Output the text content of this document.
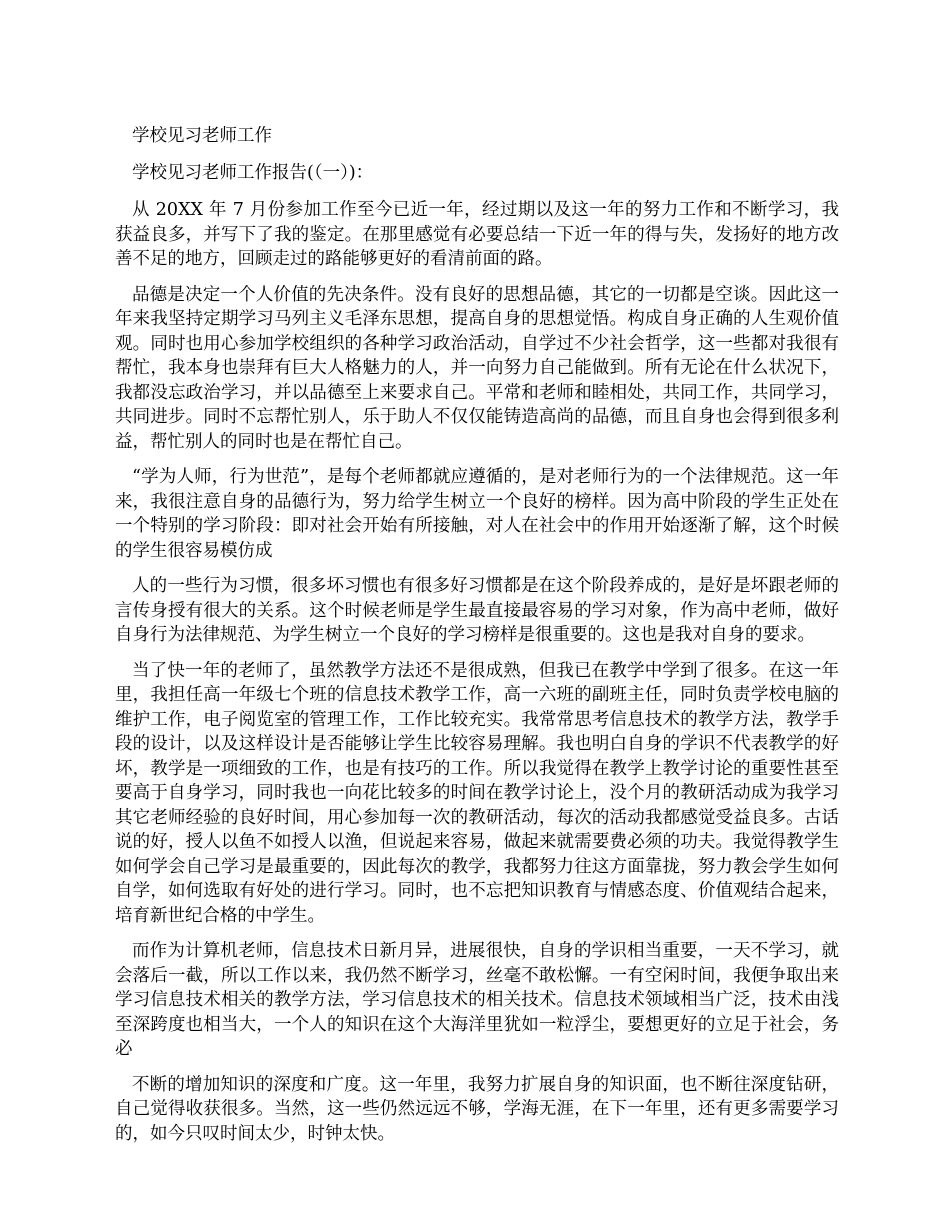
学校见习老师工作
学校见习老师工作报告(（一）)：

从 20XX 年 7 月份参加工作至今已近一年，经过期以及这一年的努力工作和不断学习，我获益良多，并写下了我的鉴定。在那里感觉有必要总结一下近一年的得与失，发扬好的地方改善不足的地方，回顾走过的路能够更好的看清前面的路。

品德是决定一个人价值的先决条件。没有良好的思想品德，其它的一切都是空谈。因此这一年来我坚持定期学习马列主义毛泽东思想，提高自身的思想觉悟。构成自身正确的人生观价值观。同时也用心参加学校组织的各种学习政治活动，自学过不少社会哲学，这一些都对我很有帮忙，我本身也崇拜有巨大人格魅力的人，并一向努力自己能做到。所有无论在什么状况下，我都没忘政治学习，并以品德至上来要求自己。平常和老师和睦相处，共同工作，共同学习，共同进步。同时不忘帮忙别人，乐于助人不仅仅能铸造高尚的品德，而且自身也会得到很多利益，帮忙别人的同时也是在帮忙自己。

“学为人师，行为世范”，是每个老师都就应遵循的，是对老师行为的一个法律规范。这一年来，我很注意自身的品德行为，努力给学生树立一个良好的榜样。因为高中阶段的学生正处在一个特别的学习阶段：即对社会开始有所接触，对人在社会中的作用开始逐渐了解，这个时候的学生很容易模仿成

人的一些行为习惯，很多坏习惯也有很多好习惯都是在这个阶段养成的，是好是坏跟老师的言传身授有很大的关系。这个时候老师是学生最直接最容易的学习对象，作为高中老师，做好自身行为法律规范、为学生树立一个良好的学习榜样是很重要的。这也是我对自身的要求。

当了快一年的老师了，虽然教学方法还不是很成熟，但我已在教学中学到了很多。在这一年里，我担任高一年级七个班的信息技术教学工作，高一六班的副班主任，同时负责学校电脑的维护工作，电子阅览室的管理工作，工作比较充实。我常常思考信息技术的教学方法，教学手段的设计，以及这样设计是否能够让学生比较容易理解。我也明白自身的学识不代表教学的好坏，教学是一项细致的工作，也是有技巧的工作。所以我觉得在教学上教学讨论的重要性甚至要高于自身学习，同时我也一向花比较多的时间在教学讨论上，没个月的教研活动成为我学习其它老师经验的良好时间，用心参加每一次的教研活动，每次的活动我都感觉受益良多。古话说的好，授人以鱼不如授人以渔，但说起来容易，做起来就需要费必须的功夫。我觉得教学生如何学会自己学习是最重要的，因此每次的教学，我都努力往这方面靠拢，努力教会学生如何自学，如何选取有好处的进行学习。同时，也不忘把知识教育与情感态度、价值观结合起来，培育新世纪合格的中学生。

而作为计算机老师，信息技术日新月异，进展很快，自身的学识相当重要，一天不学习，就会落后一截，所以工作以来，我仍然不断学习，丝毫不敢松懈。一有空闲时间，我便争取出来学习信息技术相关的教学方法，学习信息技术的相关技术。信息技术领域相当广泛，技术由浅至深跨度也相当大，一个人的知识在这个大海洋里犹如一粒浮尘，要想更好的立足于社会，务必

不断的增加知识的深度和广度。这一年里，我努力扩展自身的知识面，也不断往深度钻研，自己觉得收获很多。当然，这一些仍然远远不够，学海无涯，在下一年里，还有更多需要学习的，如今只叹时间太少，时钟太快。
